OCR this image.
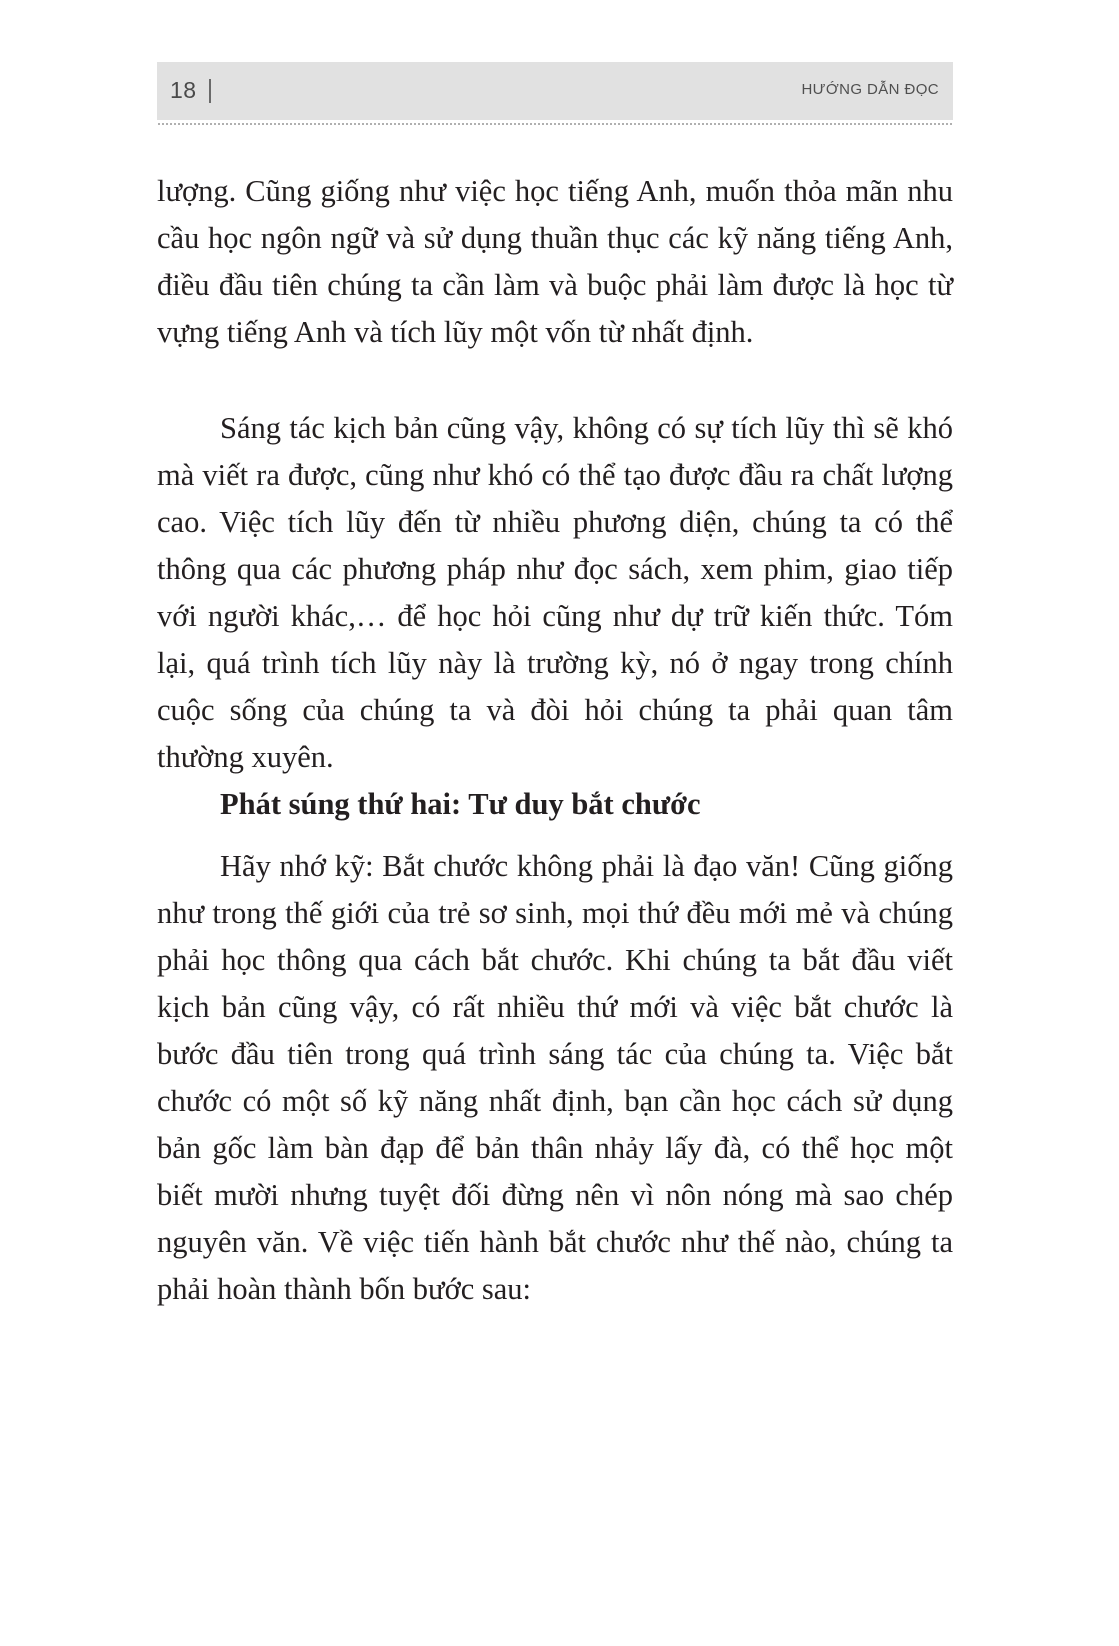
18	HƯỚNG DẪN ĐỌC

lượng. Cũng giống như việc học tiếng Anh, muốn thỏa mãn nhu cầu học ngôn ngữ và sử dụng thuần thục các kỹ năng tiếng Anh, điều đầu tiên chúng ta cần làm và buộc phải làm được là học từ vựng tiếng Anh và tích lũy một vốn từ nhất định.

Sáng tác kịch bản cũng vậy, không có sự tích lũy thì sẽ khó mà viết ra được, cũng như khó có thể tạo được đầu ra chất lượng cao. Việc tích lũy đến từ nhiều phương diện, chúng ta có thể thông qua các phương pháp như đọc sách, xem phim, giao tiếp với người khác,… để học hỏi cũng như dự trữ kiến thức. Tóm lại, quá trình tích lũy này là trường kỳ, nó ở ngay trong chính cuộc sống của chúng ta và đòi hỏi chúng ta phải quan tâm thường xuyên.

Phát súng thứ hai: Tư duy bắt chước

Hãy nhớ kỹ: Bắt chước không phải là đạo văn! Cũng giống như trong thế giới của trẻ sơ sinh, mọi thứ đều mới mẻ và chúng phải học thông qua cách bắt chước. Khi chúng ta bắt đầu viết kịch bản cũng vậy, có rất nhiều thứ mới và việc bắt chước là bước đầu tiên trong quá trình sáng tác của chúng ta. Việc bắt chước có một số kỹ năng nhất định, bạn cần học cách sử dụng bản gốc làm bàn đạp để bản thân nhảy lấy đà, có thể học một biết mười nhưng tuyệt đối đừng nên vì nôn nóng mà sao chép nguyên văn. Về việc tiến hành bắt chước như thế nào, chúng ta phải hoàn thành bốn bước sau:
